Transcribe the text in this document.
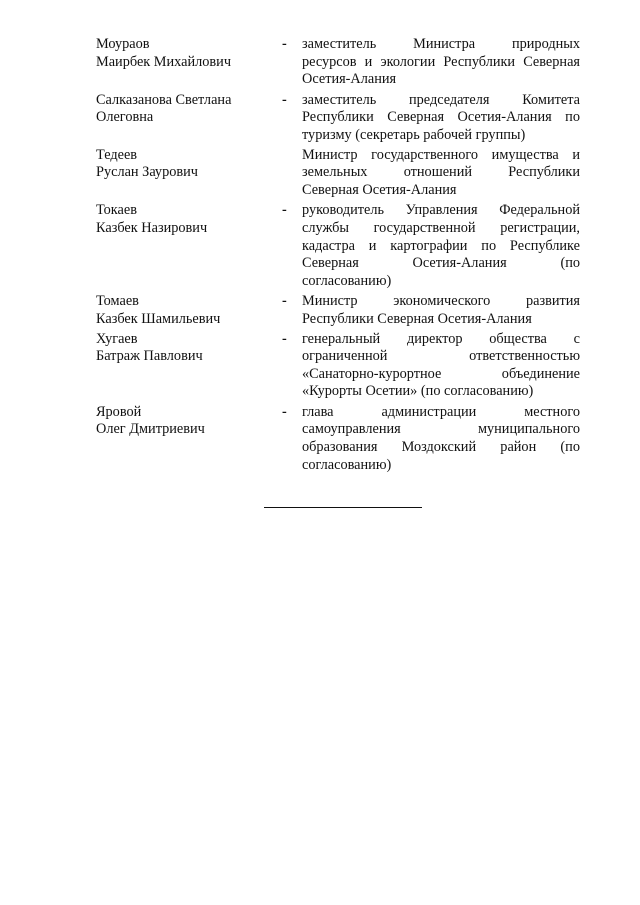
Моураов
Маирбек Михайлович
-	заместитель Министра природных
ресурсов и экологии Республики Северная
Осетия-Алания
Салказанова Светлана
Олеговна
-	заместитель председателя Комитета
Республики Северная Осетия-Алания по
туризму (секретарь рабочей группы)
Тедеев
Руслан Заурович
Министр государственного имущества и
земельных отношений Республики
Северная Осетия-Алания
Токаев
Казбек Назирович
-	руководитель Управления Федеральной
службы государственной регистрации,
кадастра и картографии по Республике
Северная Осетия-Алания (по
согласованию)
Томаев
Казбек Шамильевич
-	Министр экономического развития
Республики Северная Осетия-Алания
Хугаев
Батраж Павлович
-	генеральный директор общества с
ограниченной ответственностью
«Санаторно-курортное объединение
«Курорты Осетии» (по согласованию)
Яровой
Олег Дмитриевич
-	глава администрации местного
самоуправления муниципального
образования Моздокский район (по
согласованию)
